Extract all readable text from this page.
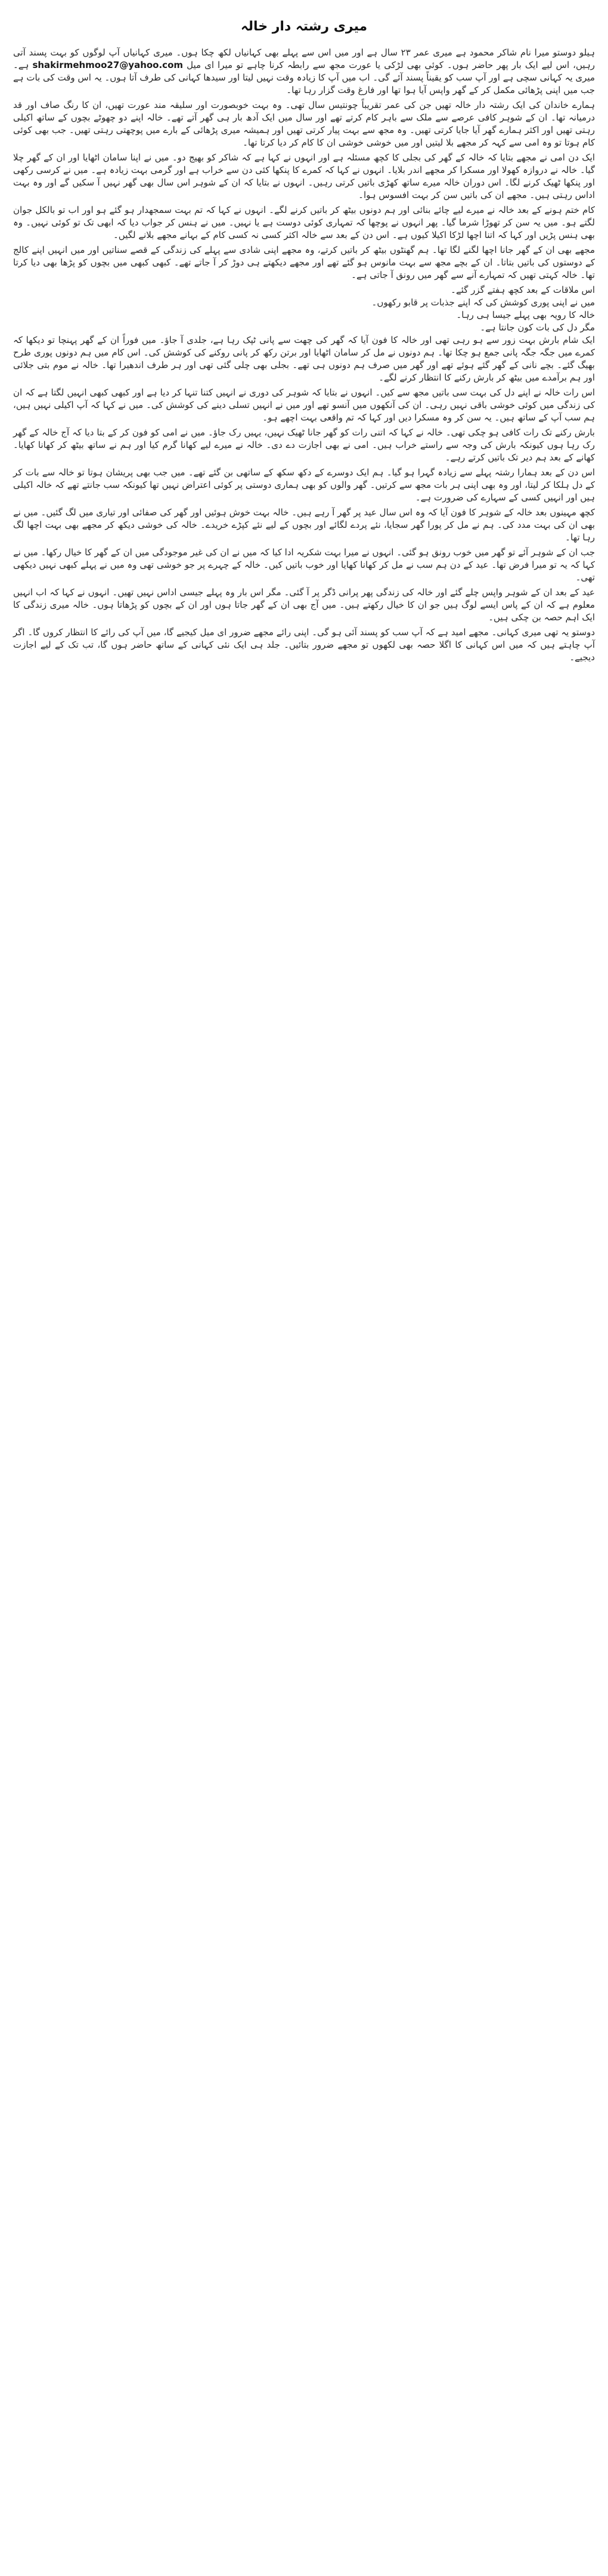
میری رشتہ دار خالہ

ہیلو دوستو میرا نام شاکر محمود ہے میری عمر ۲۳ سال ہے اور میں اس سے پہلے بھی کہانیاں لکھ چکا ہوں۔ میری کہانیاں آپ لوگوں کو بہت پسند آتی رہیں، اس لیے ایک بار پھر حاضر ہوں۔ کوئی بھی لڑکی یا عورت مجھ سے رابطہ کرنا چاہے تو میرا ای میل shakirmehmoo27@yahoo.com ہے۔ میری یہ کہانی سچی ہے اور آپ سب کو یقیناً پسند آئے گی۔ اب میں آپ کا زیادہ وقت نہیں لیتا اور سیدھا کہانی کی طرف آتا ہوں۔ یہ اس وقت کی بات ہے جب میں اپنی پڑھائی مکمل کر کے گھر واپس آیا ہوا تھا اور فارغ وقت گزار رہا تھا۔

ہمارے خاندان کی ایک رشتہ دار خالہ تھیں جن کی عمر تقریباً چونتیس سال تھی۔ وہ بہت خوبصورت اور سلیقہ مند عورت تھیں، ان کا رنگ صاف اور قد درمیانہ تھا۔ ان کے شوہر کافی عرصے سے ملک سے باہر کام کرتے تھے اور سال میں ایک آدھ بار ہی گھر آتے تھے۔ خالہ اپنے دو چھوٹے بچوں کے ساتھ اکیلی رہتی تھیں اور اکثر ہمارے گھر آیا جایا کرتی تھیں۔ وہ مجھ سے بہت پیار کرتی تھیں اور ہمیشہ میری پڑھائی کے بارے میں پوچھتی رہتی تھیں۔ جب بھی کوئی کام ہوتا تو وہ امی سے کہہ کر مجھے بلا لیتیں اور میں خوشی خوشی ان کا کام کر دیا کرتا تھا۔

ایک دن امی نے مجھے بتایا کہ خالہ کے گھر کی بجلی کا کچھ مسئلہ ہے اور انہوں نے کہا ہے کہ شاکر کو بھیج دو۔ میں نے اپنا سامان اٹھایا اور ان کے گھر چلا گیا۔ خالہ نے دروازہ کھولا اور مسکرا کر مجھے اندر بلایا۔ انہوں نے کہا کہ کمرے کا پنکھا کئی دن سے خراب ہے اور گرمی بہت زیادہ ہے۔ میں نے کرسی رکھی اور پنکھا ٹھیک کرنے لگا۔ اس دوران خالہ میرے ساتھ کھڑی باتیں کرتی رہیں۔ انہوں نے بتایا کہ ان کے شوہر اس سال بھی گھر نہیں آ سکیں گے اور وہ بہت اداس رہتی ہیں۔ مجھے ان کی باتیں سن کر بہت افسوس ہوا۔

کام ختم ہونے کے بعد خالہ نے میرے لیے چائے بنائی اور ہم دونوں بیٹھ کر باتیں کرنے لگے۔ انہوں نے کہا کہ تم بہت سمجھدار ہو گئے ہو اور اب تو بالکل جوان لگتے ہو۔ میں یہ سن کر تھوڑا شرما گیا۔ پھر انہوں نے پوچھا کہ تمہاری کوئی دوست ہے یا نہیں۔ میں نے ہنس کر جواب دیا کہ ابھی تک تو کوئی نہیں۔ وہ بھی ہنس پڑیں اور کہا کہ اتنا اچھا لڑکا اکیلا کیوں ہے۔ اس دن کے بعد سے خالہ اکثر کسی نہ کسی کام کے بہانے مجھے بلانے لگیں۔

مجھے بھی ان کے گھر جانا اچھا لگنے لگا تھا۔ ہم گھنٹوں بیٹھ کر باتیں کرتے، وہ مجھے اپنی شادی سے پہلے کی زندگی کے قصے سناتیں اور میں انہیں اپنے کالج کے دوستوں کی باتیں بتاتا۔ ان کے بچے مجھ سے بہت مانوس ہو گئے تھے اور مجھے دیکھتے ہی دوڑ کر آ جاتے تھے۔ کبھی کبھی میں بچوں کو پڑھا بھی دیا کرتا تھا۔ خالہ کہتی تھیں کہ تمہارے آنے سے گھر میں رونق آ جاتی ہے۔

اس ملاقات کے بعد کچھ ہفتے گزر گئے۔

میں نے اپنی پوری کوشش کی کہ اپنے جذبات پر قابو رکھوں۔

خالہ کا رویہ بھی پہلے جیسا ہی رہا۔

مگر دل کی بات کون جانتا ہے۔

ایک شام بارش بہت زور سے ہو رہی تھی اور خالہ کا فون آیا کہ گھر کی چھت سے پانی ٹپک رہا ہے، جلدی آ جاؤ۔ میں فوراً ان کے گھر پہنچا تو دیکھا کہ کمرے میں جگہ جگہ پانی جمع ہو چکا تھا۔ ہم دونوں نے مل کر سامان اٹھایا اور برتن رکھ کر پانی روکنے کی کوشش کی۔ اس کام میں ہم دونوں پوری طرح بھیگ گئے۔ بچے نانی کے گھر گئے ہوئے تھے اور گھر میں صرف ہم دونوں ہی تھے۔ بجلی بھی چلی گئی تھی اور ہر طرف اندھیرا تھا۔ خالہ نے موم بتی جلائی اور ہم برآمدے میں بیٹھ کر بارش رکنے کا انتظار کرنے لگے۔

اس رات خالہ نے اپنے دل کی بہت سی باتیں مجھ سے کیں۔ انہوں نے بتایا کہ شوہر کی دوری نے انہیں کتنا تنہا کر دیا ہے اور کبھی کبھی انہیں لگتا ہے کہ ان کی زندگی میں کوئی خوشی باقی نہیں رہی۔ ان کی آنکھوں میں آنسو تھے اور میں نے انہیں تسلی دینے کی کوشش کی۔ میں نے کہا کہ آپ اکیلی نہیں ہیں، ہم سب آپ کے ساتھ ہیں۔ یہ سن کر وہ مسکرا دیں اور کہا کہ تم واقعی بہت اچھے ہو۔

بارش رکنے تک رات کافی ہو چکی تھی۔ خالہ نے کہا کہ اتنی رات کو گھر جانا ٹھیک نہیں، یہیں رک جاؤ۔ میں نے امی کو فون کر کے بتا دیا کہ آج خالہ کے گھر رک رہا ہوں کیونکہ بارش کی وجہ سے راستے خراب ہیں۔ امی نے بھی اجازت دے دی۔ خالہ نے میرے لیے کھانا گرم کیا اور ہم نے ساتھ بیٹھ کر کھانا کھایا۔ کھانے کے بعد ہم دیر تک باتیں کرتے رہے۔

اس دن کے بعد ہمارا رشتہ پہلے سے زیادہ گہرا ہو گیا۔ ہم ایک دوسرے کے دکھ سکھ کے ساتھی بن گئے تھے۔ میں جب بھی پریشان ہوتا تو خالہ سے بات کر کے دل ہلکا کر لیتا، اور وہ بھی اپنی ہر بات مجھ سے کرتیں۔ گھر والوں کو بھی ہماری دوستی پر کوئی اعتراض نہیں تھا کیونکہ سب جانتے تھے کہ خالہ اکیلی ہیں اور انہیں کسی کے سہارے کی ضرورت ہے۔

کچھ مہینوں بعد خالہ کے شوہر کا فون آیا کہ وہ اس سال عید پر گھر آ رہے ہیں۔ خالہ بہت خوش ہوئیں اور گھر کی صفائی اور تیاری میں لگ گئیں۔ میں نے بھی ان کی بہت مدد کی۔ ہم نے مل کر پورا گھر سجایا، نئے پردے لگائے اور بچوں کے لیے نئے کپڑے خریدے۔ خالہ کی خوشی دیکھ کر مجھے بھی بہت اچھا لگ رہا تھا۔

جب ان کے شوہر آئے تو گھر میں خوب رونق ہو گئی۔ انہوں نے میرا بہت شکریہ ادا کیا کہ میں نے ان کی غیر موجودگی میں ان کے گھر کا خیال رکھا۔ میں نے کہا کہ یہ تو میرا فرض تھا۔ عید کے دن ہم سب نے مل کر کھانا کھایا اور خوب باتیں کیں۔ خالہ کے چہرے پر جو خوشی تھی وہ میں نے پہلے کبھی نہیں دیکھی تھی۔

عید کے بعد ان کے شوہر واپس چلے گئے اور خالہ کی زندگی پھر پرانی ڈگر پر آ گئی۔ مگر اس بار وہ پہلے جیسی اداس نہیں تھیں۔ انہوں نے کہا کہ اب انہیں معلوم ہے کہ ان کے پاس ایسے لوگ ہیں جو ان کا خیال رکھتے ہیں۔ میں آج بھی ان کے گھر جاتا ہوں اور ان کے بچوں کو پڑھاتا ہوں۔ خالہ میری زندگی کا ایک اہم حصہ بن چکی ہیں۔

دوستو یہ تھی میری کہانی۔ مجھے امید ہے کہ آپ سب کو پسند آئی ہو گی۔ اپنی رائے مجھے ضرور ای میل کیجیے گا، میں آپ کی رائے کا انتظار کروں گا۔ اگر آپ چاہتے ہیں کہ میں اس کہانی کا اگلا حصہ بھی لکھوں تو مجھے ضرور بتائیں۔ جلد ہی ایک نئی کہانی کے ساتھ حاضر ہوں گا، تب تک کے لیے اجازت دیجیے۔
